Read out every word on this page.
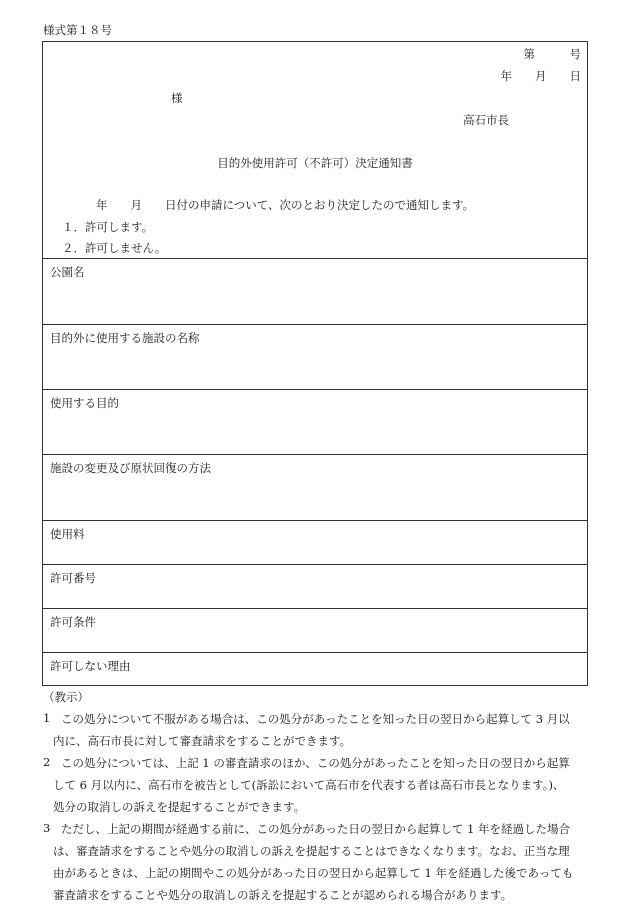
様式第１８号
第　　　号
年　　月　　日
様
高石市長
目的外使用許可（不許可）決定通知書
年　　月　　日付の申請について、次のとおり決定したので通知します。
１．許可します。
２．許可しません。
公園名
目的外に使用する施設の名称
使用する目的
施設の変更及び原状回復の方法
使用料
許可番号
許可条件
許可しない理由
（教示）
1 この処分について不服がある場合は、この処分があったことを知った日の翌日から起算して 3 月以
内に、高石市長に対して審査請求をすることができます。
2 この処分については、上記 1 の審査請求のほか、この処分があったことを知った日の翌日から起算
して 6 月以内に、高石市を被告として(訴訟において高石市を代表する者は高石市長となります。)、
処分の取消しの訴えを提起することができます。
3 ただし、上記の期間が経過する前に、この処分があった日の翌日から起算して 1 年を経過した場合
は、審査請求をすることや処分の取消しの訴えを提起することはできなくなります。なお、正当な理
由があるときは、上記の期間やこの処分があった日の翌日から起算して 1 年を経過した後であっても
審査請求をすることや処分の取消しの訴えを提起することが認められる場合があります。
